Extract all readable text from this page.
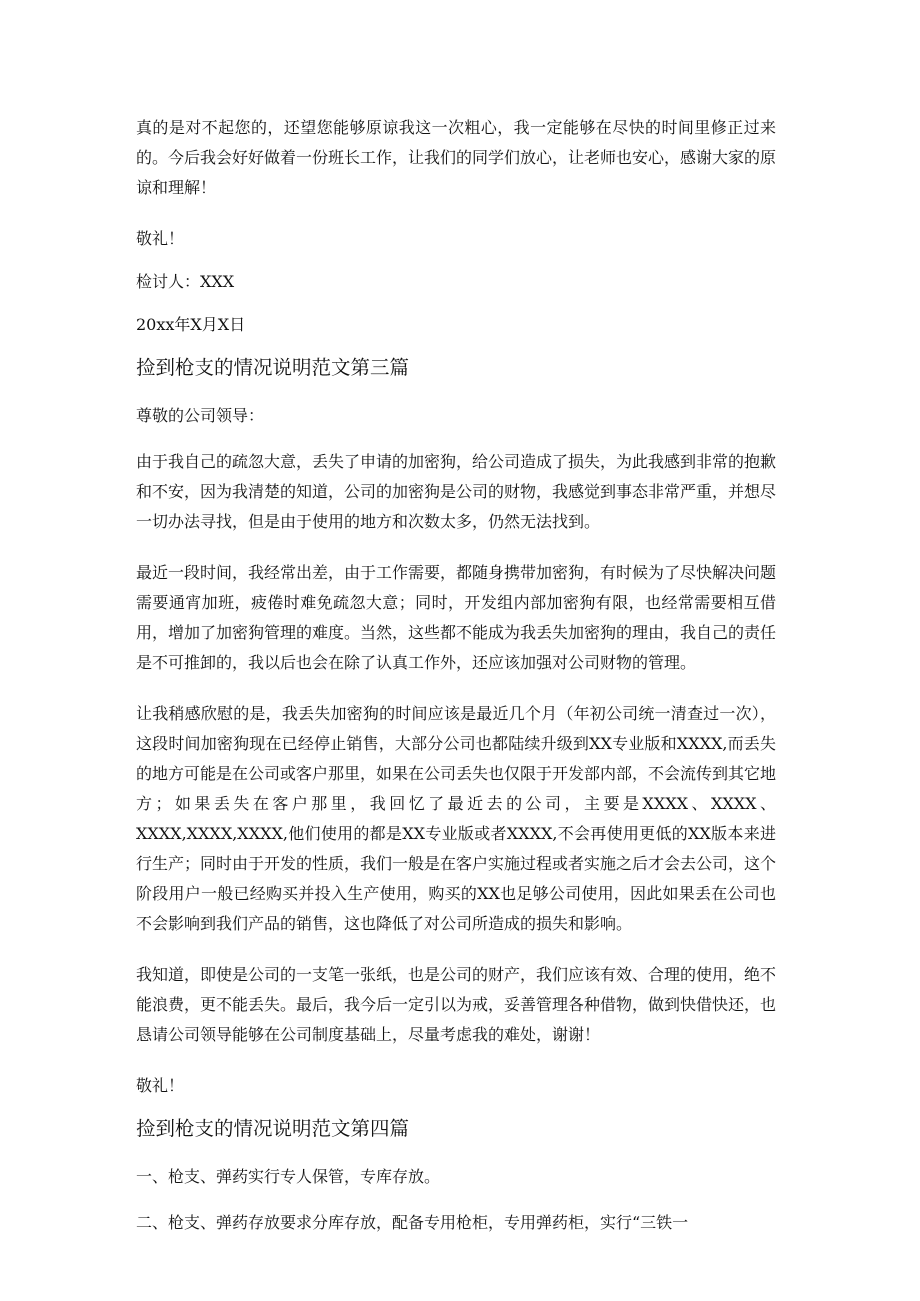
真的是对不起您的，还望您能够原谅我这一次粗心，我一定能够在尽快的时间里修正过来的。今后我会好好做着一份班长工作，让我们的同学们放心，让老师也安心，感谢大家的原谅和理解！

敬礼！

检讨人：XXX

20xx年X月X日

捡到枪支的情况说明范文第三篇

尊敬的公司领导：

由于我自己的疏忽大意，丢失了申请的加密狗，给公司造成了损失，为此我感到非常的抱歉和不安，因为我清楚的知道，公司的加密狗是公司的财物，我感觉到事态非常严重，并想尽一切办法寻找，但是由于使用的地方和次数太多，仍然无法找到。

最近一段时间，我经常出差，由于工作需要，都随身携带加密狗，有时候为了尽快解决问题需要通宵加班，疲倦时难免疏忽大意；同时，开发组内部加密狗有限，也经常需要相互借用，增加了加密狗管理的难度。当然，这些都不能成为我丢失加密狗的理由，我自己的责任是不可推卸的，我以后也会在除了认真工作外，还应该加强对公司财物的管理。

让我稍感欣慰的是，我丢失加密狗的时间应该是最近几个月（年初公司统一清查过一次），这段时间加密狗现在已经停止销售，大部分公司也都陆续升级到XX专业版和XXXX,而丢失的地方可能是在公司或客户那里，如果在公司丢失也仅限于开发部内部，不会流传到其它地方；如果丢失在客户那里，我回忆了最近去的公司，主要是XXXX、XXXX、XXXX,XXXX,XXXX,他们使用的都是XX专业版或者XXXX,不会再使用更低的XX版本来进行生产；同时由于开发的性质，我们一般是在客户实施过程或者实施之后才会去公司，这个阶段用户一般已经购买并投入生产使用，购买的XX也足够公司使用，因此如果丢在公司也不会影响到我们产品的销售，这也降低了对公司所造成的损失和影响。

我知道，即使是公司的一支笔一张纸，也是公司的财产，我们应该有效、合理的使用，绝不能浪费，更不能丢失。最后，我今后一定引以为戒，妥善管理各种借物，做到快借快还，也恳请公司领导能够在公司制度基础上，尽量考虑我的难处，谢谢！

敬礼！

捡到枪支的情况说明范文第四篇

一、枪支、弹药实行专人保管，专库存放。

二、枪支、弹药存放要求分库存放，配备专用枪柜，专用弹药柜，实行“三铁一
